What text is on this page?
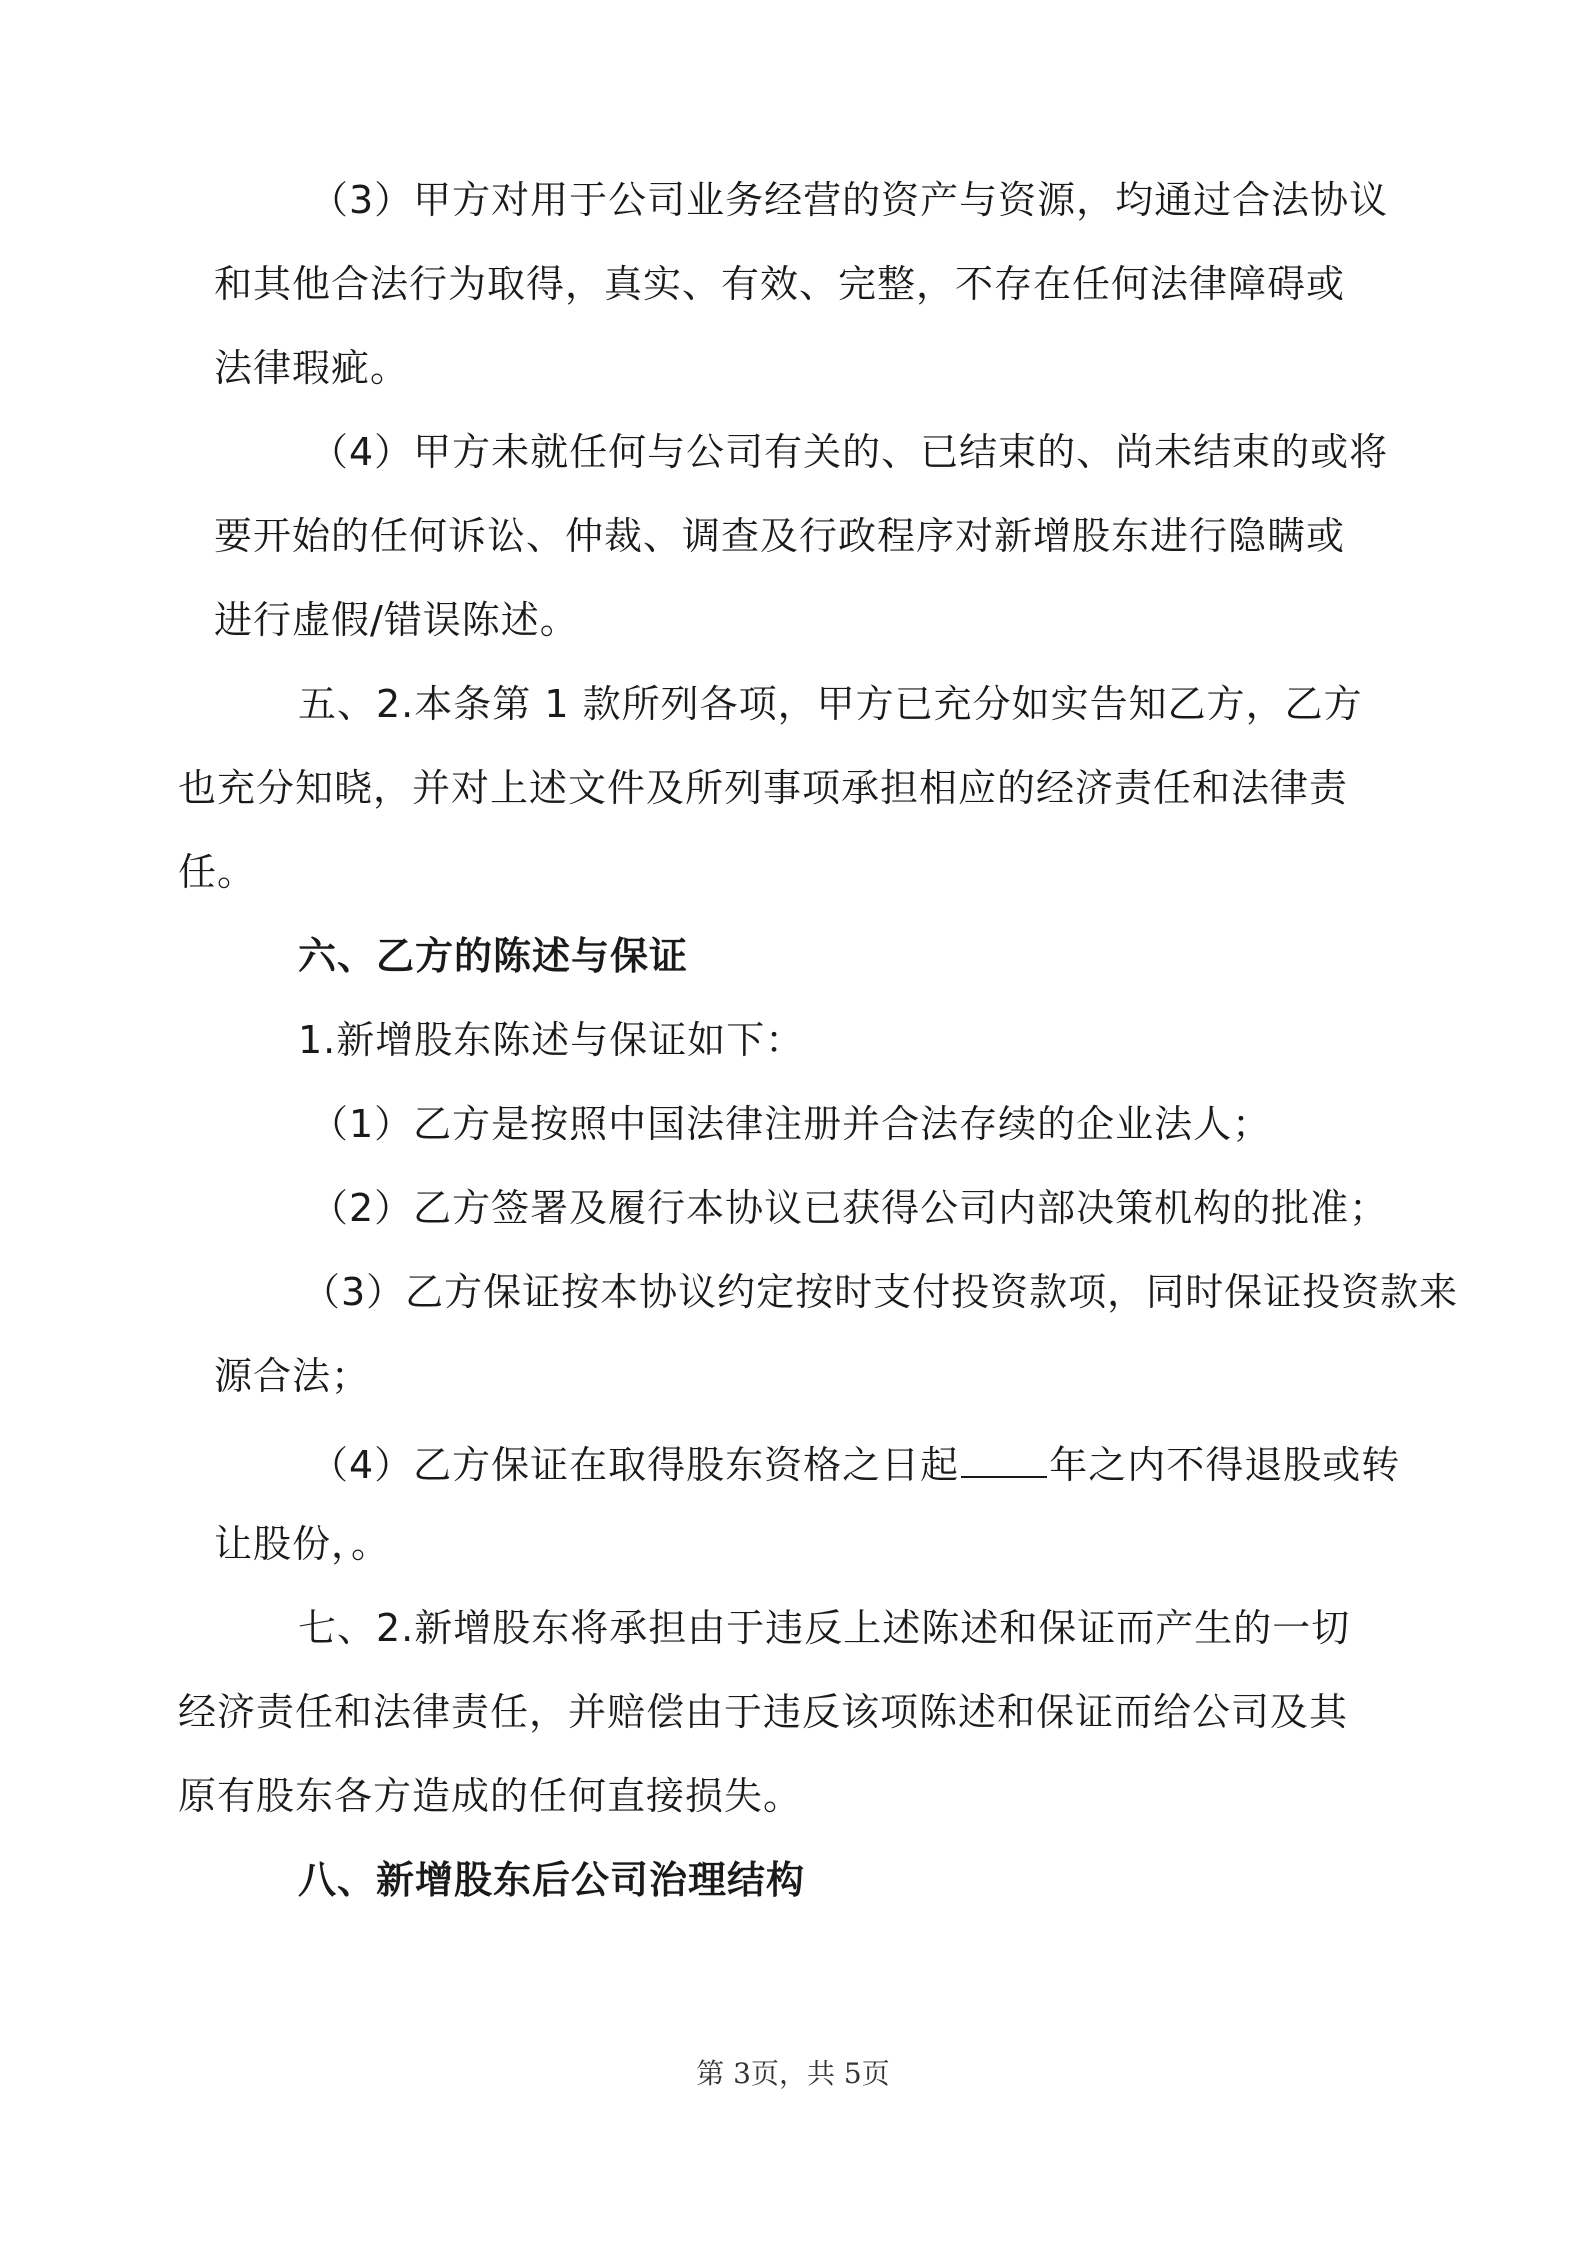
（3）甲方对用于公司业务经营的资产与资源，均通过合法协议
和其他合法行为取得，真实、有效、完整，不存在任何法律障碍或
法律瑕疵。
（4）甲方未就任何与公司有关的、已结束的、尚未结束的或将
要开始的任何诉讼、仲裁、调查及行政程序对新增股东进行隐瞒或
进行虚假/错误陈述。
五、2.本条第 1 款所列各项，甲方已充分如实告知乙方，乙方
也充分知晓，并对上述文件及所列事项承担相应的经济责任和法律责
任。
六、乙方的陈述与保证
1.新增股东陈述与保证如下：
（1）乙方是按照中国法律注册并合法存续的企业法人；
（2）乙方签署及履行本协议已获得公司内部决策机构的批准；
（3）乙方保证按本协议约定按时支付投资款项，同时保证投资款来
源合法；
（4）乙方保证在取得股东资格之日起 年之内不得退股或转
让股份，。
七、2.新增股东将承担由于违反上述陈述和保证而产生的一切
经济责任和法律责任，并赔偿由于违反该项陈述和保证而给公司及其
原有股东各方造成的任何直接损失。
八、新增股东后公司治理结构
第 3页，共 5页
